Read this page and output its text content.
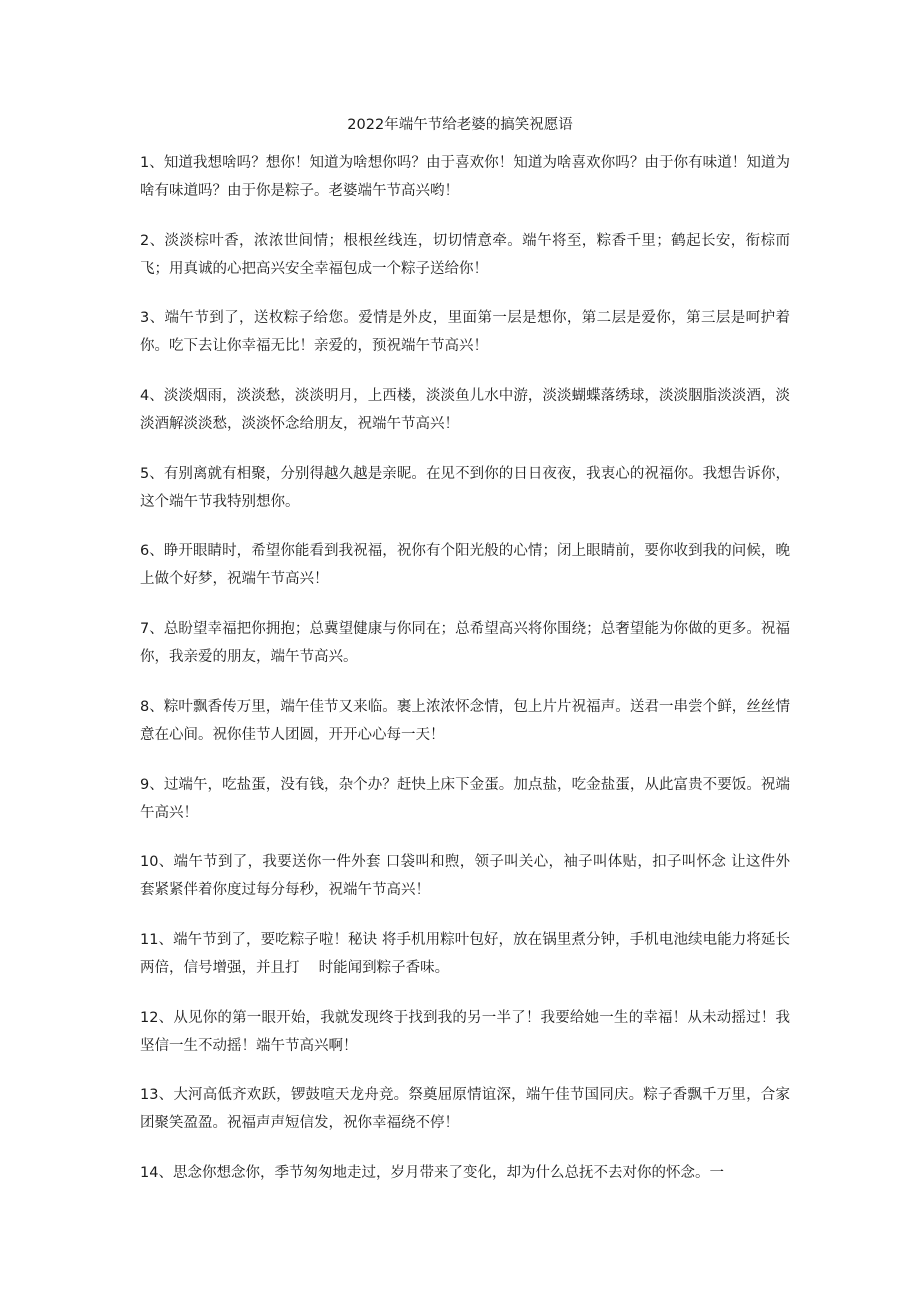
2022年端午节给老婆的搞笑祝愿语
1、知道我想啥吗？想你！知道为啥想你吗？由于喜欢你！知道为啥喜欢你吗？由于你有味道！知道为啥有味道吗？由于你是粽子。老婆端午节高兴哟！
2、淡淡棕叶香，浓浓世间情；根根丝线连，切切情意牵。端午将至，粽香千里；鹤起长安，衔棕而飞；用真诚的心把高兴安全幸福包成一个粽子送给你！
3、端午节到了，送枚粽子给您。爱情是外皮，里面第一层是想你，第二层是爱你，第三层是呵护着你。吃下去让你幸福无比！亲爱的，预祝端午节高兴！
4、淡淡烟雨，淡淡愁，淡淡明月，上西楼，淡淡鱼儿水中游，淡淡蝴蝶落绣球，淡淡胭脂淡淡酒，淡淡酒解淡淡愁，淡淡怀念给朋友，祝端午节高兴！
5、有别离就有相聚，分别得越久越是亲昵。在见不到你的日日夜夜，我衷心的祝福你。我想告诉你，这个端午节我特别想你。
6、睁开眼睛时，希望你能看到我祝福，祝你有个阳光般的心情；闭上眼睛前，要你收到我的问候，晚上做个好梦，祝端午节高兴！
7、总盼望幸福把你拥抱；总冀望健康与你同在；总希望高兴将你围绕；总奢望能为你做的更多。祝福你，我亲爱的朋友，端午节高兴。
8、粽叶飘香传万里，端午佳节又来临。裹上浓浓怀念情，包上片片祝福声。送君一串尝个鲜，丝丝情意在心间。祝你佳节人团圆，开开心心每一天！
9、过端午，吃盐蛋，没有钱，杂个办？赶快上床下金蛋。加点盐，吃金盐蛋，从此富贵不要饭。祝端午高兴！
10、端午节到了，我要送你一件外套 口袋叫和煦，领子叫关心，袖子叫体贴，扣子叫怀念 让这件外套紧紧伴着你度过每分每秒，祝端午节高兴！
11、端午节到了，要吃粽子啦！秘诀 将手机用粽叶包好，放在锅里煮分钟，手机电池续电能力将延长两倍，信号增强，并且打　 时能闻到粽子香味。
12、从见你的第一眼开始，我就发现终于找到我的另一半了！我要给她一生的幸福！从未动摇过！我坚信一生不动摇！端午节高兴啊！
13、大河高低齐欢跃，锣鼓喧天龙舟竞。祭奠屈原情谊深，端午佳节国同庆。粽子香飘千万里，合家团聚笑盈盈。祝福声声短信发，祝你幸福绕不停！
14、思念你想念你，季节匆匆地走过，岁月带来了变化，却为什么总抚不去对你的怀念。一
